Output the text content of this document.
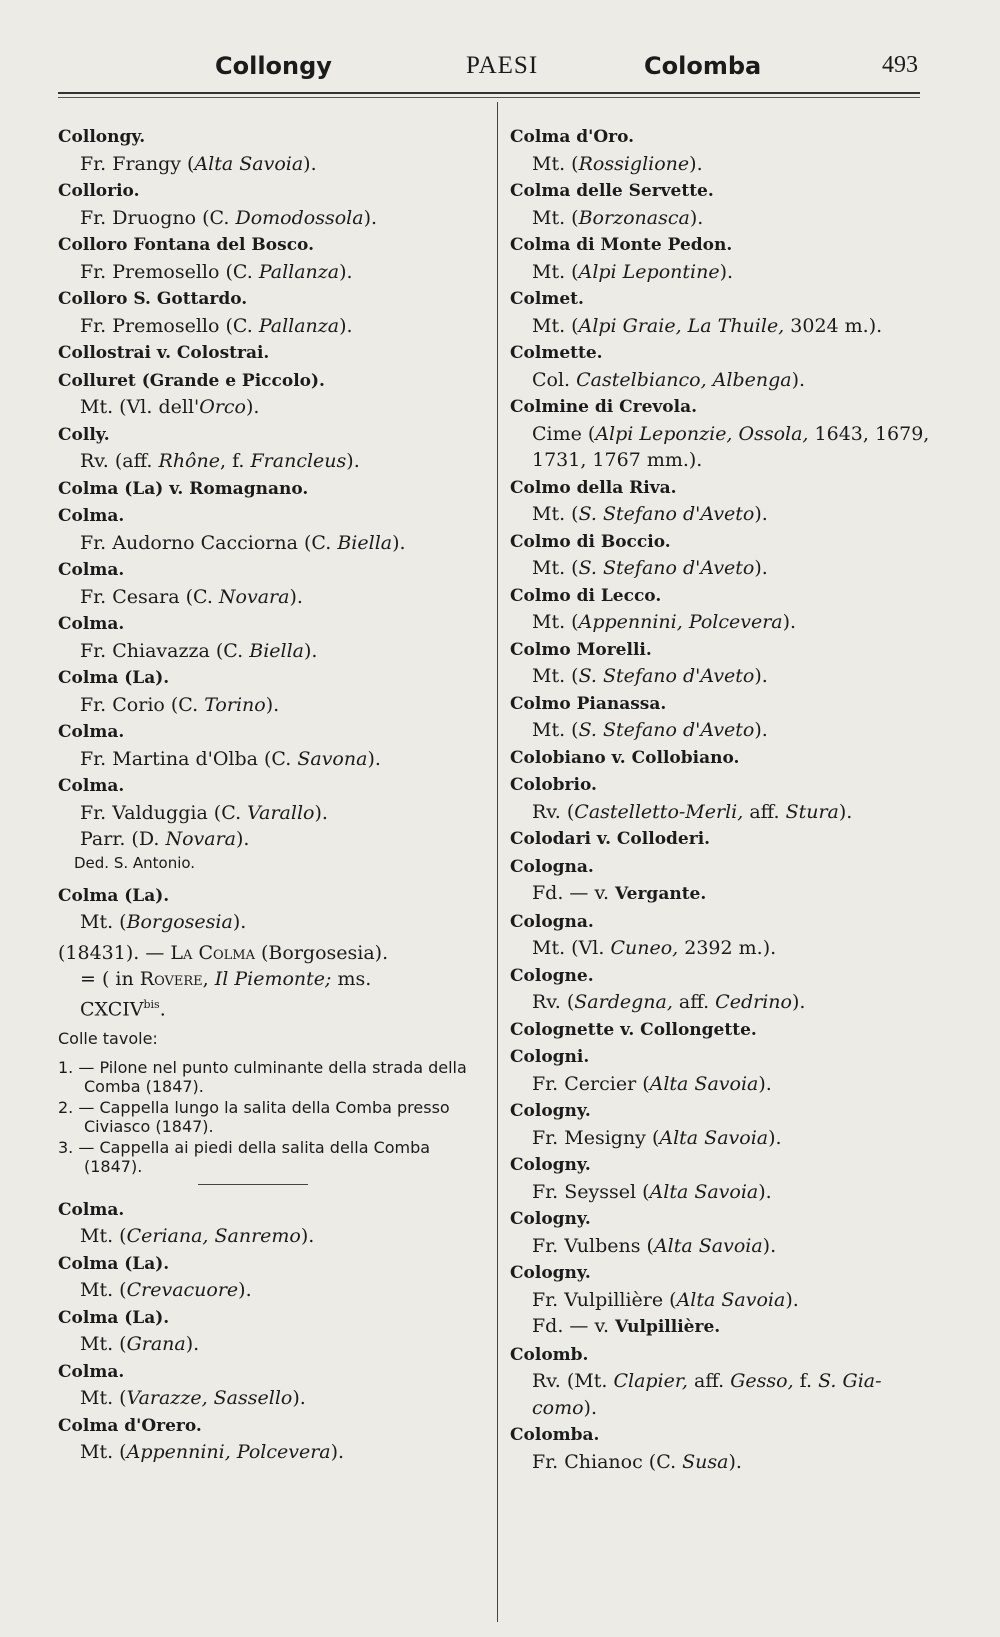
Collongy	PAESI	Colomba	493
Collongy.
Fr. Frangy (Alta Savoia).
Collorio.
Fr. Druogno (C. Domodossola).
Colloro Fontana del Bosco.
Fr. Premosello (C. Pallanza).
Colloro S. Gottardo.
Fr. Premosello (C. Pallanza).
Collostrai v. Colostrai.
Colluret (Grande e Piccolo).
Mt. (Vl. dell'Orco).
Colly.
Rv. (aff. Rhône, f. Francleus).
Colma (La) v. Romagnano.
Colma.
Fr. Audorno Cacciorna (C. Biella).
Colma.
Fr. Cesara (C. Novara).
Colma.
Fr. Chiavazza (C. Biella).
Colma (La).
Fr. Corio (C. Torino).
Colma.
Fr. Martina d'Olba (C. Savona).
Colma.
Fr. Valduggia (C. Varallo).
Parr. (D. Novara).
Ded. S. Antonio.
Colma (La).
Mt. (Borgosesia).
(18431). — La Colma (Borgosesia).
= ( in Rovere, Il Piemonte; ms.
$CXCIV^{bis}$.
Colle tavole:
1. — Pilone nel punto culminante della strada della Comba (1847).
2. — Cappella lungo la salita della Comba presso Civiasco (1847).
3. — Cappella ai piedi della salita della Comba (1847).
Colma.
Mt. (Ceriana, Sanremo).
Colma (La).
Mt. (Crevacuore).
Colma (La).
Mt. (Grana).
Colma.
Mt. (Varazze, Sassello).
Colma d'Orero.
Mt. (Appennini, Polcevera).
Colma d'Oro.
Mt. (Rossiglione).
Colma delle Servette.
Mt. (Borzonasca).
Colma di Monte Pedon.
Mt. (Alpi Lepontine).
Colmet.
Mt. (Alpi Graie, La Thuile, 3024 m.).
Colmette.
Col. Castelbianco, Albenga).
Colmine di Crevola.
Cime (Alpi Leponzie, Ossola, 1643, 1679,
1731, 1767 mm.).
Colmo della Riva.
Mt. (S. Stefano d'Aveto).
Colmo di Boccio.
Mt. (S. Stefano d'Aveto).
Colmo di Lecco.
Mt. (Appennini, Polcevera).
Colmo Morelli.
Mt. (S. Stefano d'Aveto).
Colmo Pianassa.
Mt. (S. Stefano d'Aveto).
Colobiano v. Collobiano.
Colobrio.
Rv. (Castelletto-Merli, aff. Stura).
Colodari v. Colloderi.
Cologna.
Fd. — v. Vergante.
Cologna.
Mt. (Vl. Cuneo, 2392 m.).
Cologne.
Rv. (Sardegna, aff. Cedrino).
Colognette v. Collongette.
Cologni.
Fr. Cercier (Alta Savoia).
Cologny.
Fr. Mesigny (Alta Savoia).
Cologny.
Fr. Seyssel (Alta Savoia).
Cologny.
Fr. Vulbens (Alta Savoia).
Cologny.
Fr. Vulpillière (Alta Savoia).
Fd. — v. Vulpillière.
Colomb.
Rv. (Mt. Clapier, aff. Gesso, f. S. Gia-
como).
Colomba.
Fr. Chianoc (C. Susa).
